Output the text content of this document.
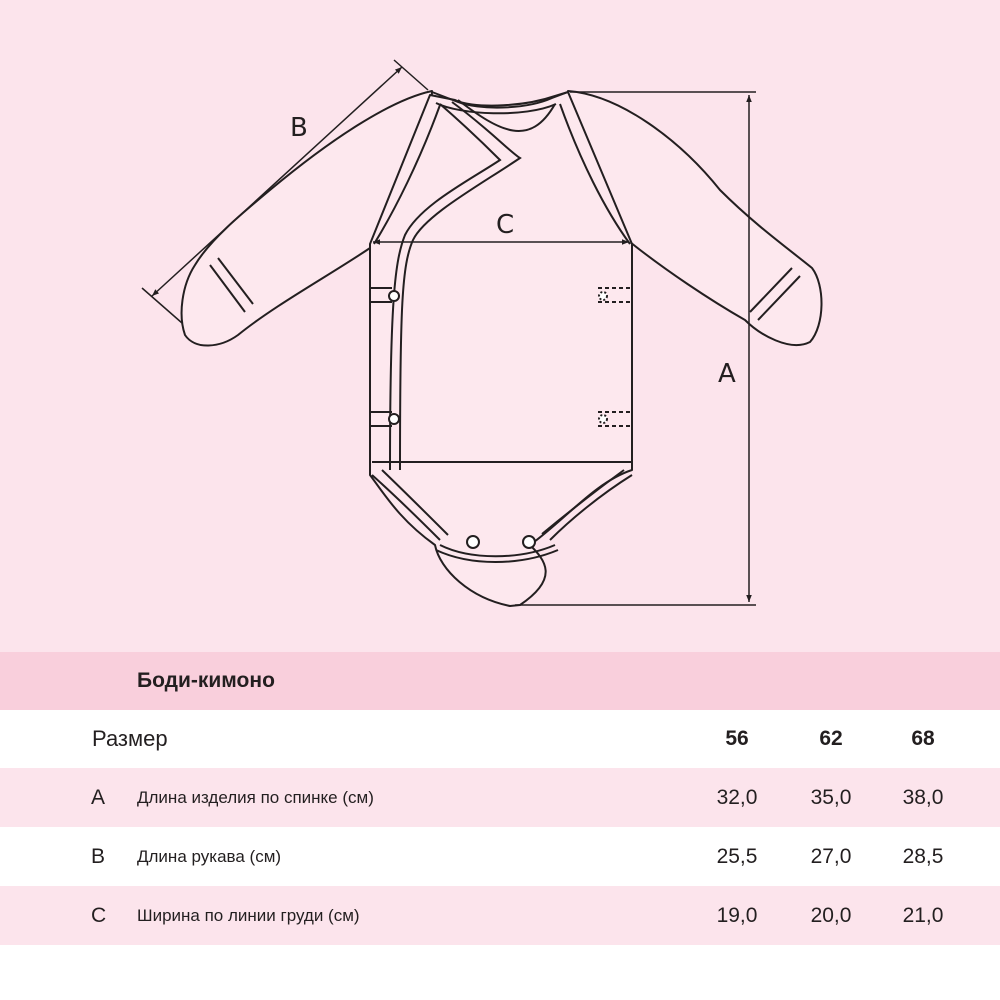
A
B
C
Боди-кимоно
Размер	56	62	68
A Длина изделия по спинке (см)	32,0	35,0	38,0
B Длина рукава (см)	25,5	27,0	28,5
C Ширина по линии груди (см)	19,0	20,0	21,0
